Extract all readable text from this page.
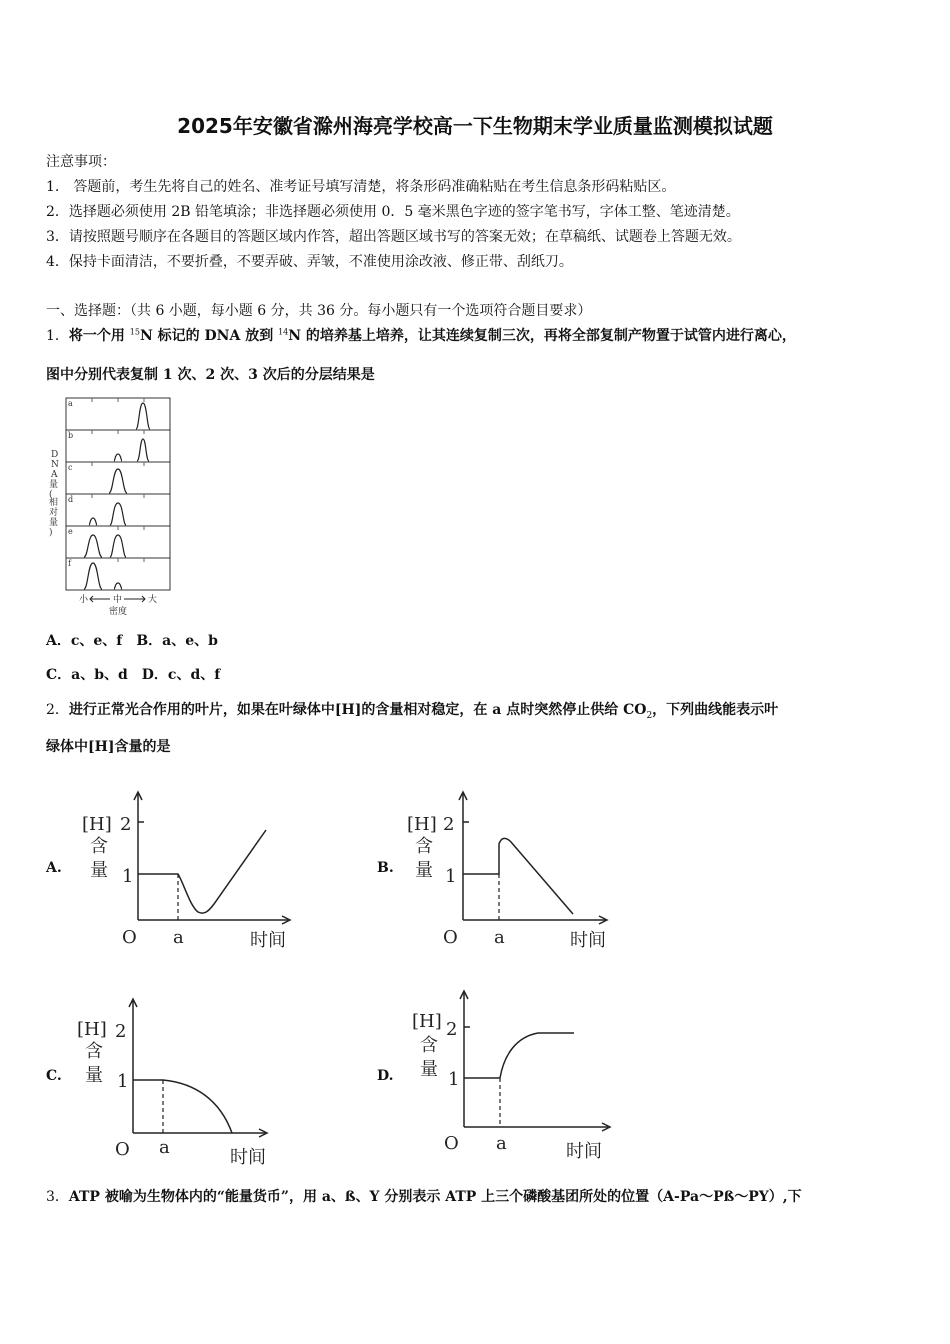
2025年安徽省滁州海亮学校高一下生物期末学业质量监测模拟试题
注意事项：
1.　答题前，考生先将自己的姓名、准考证号填写清楚，将条形码准确粘贴在考生信息条形码粘贴区。
2．选择题必须使用 2B 铅笔填涂；非选择题必须使用 0．5 毫米黑色字迹的签字笔书写，字体工整、笔迹清楚。
3．请按照题号顺序在各题目的答题区域内作答，超出答题区域书写的答案无效；在草稿纸、试题卷上答题无效。
4．保持卡面清洁，不要折叠，不要弄破、弄皱，不准使用涂改液、修正带、刮纸刀。
一、选择题：（共 6 小题，每小题 6 分，共 36 分。每小题只有一个选项符合题目要求）
1．将一个用 $^{15}$N 标记的 DNA 放到 $^{14}$N 的培养基上培养，让其连续复制三次，再将全部复制产物置于试管内进行离心，
图中分别代表复制 1 次、2 次、3 次后的分层结果是
a
b
c
d
e
f
D N A 量(相对量)
小	中	大
密度
A．c、e、f　B．a、e、b
C．a、b、d　D．c、d、f
2．进行正常光合作用的叶片，如果在叶绿体中[H]的含量相对稳定，在 a 点时突然停止供给 $CO_2$，下列曲线能表示叶
绿体中[H]含量的是
A.
[H]
含
量
2
1
O a	时间
B.
[H]
含
量
2
1
O a	时间
C.
[H]
含
量
2
1
O a	时间
D.
[H]
含
量
2
1
O a	时间
3．ATP 被喻为生物体内的“能量货币”，用 a、ß、Y 分别表示 ATP 上三个磷酸基团所处的位置（A-Pa～Pß～PY）,下
